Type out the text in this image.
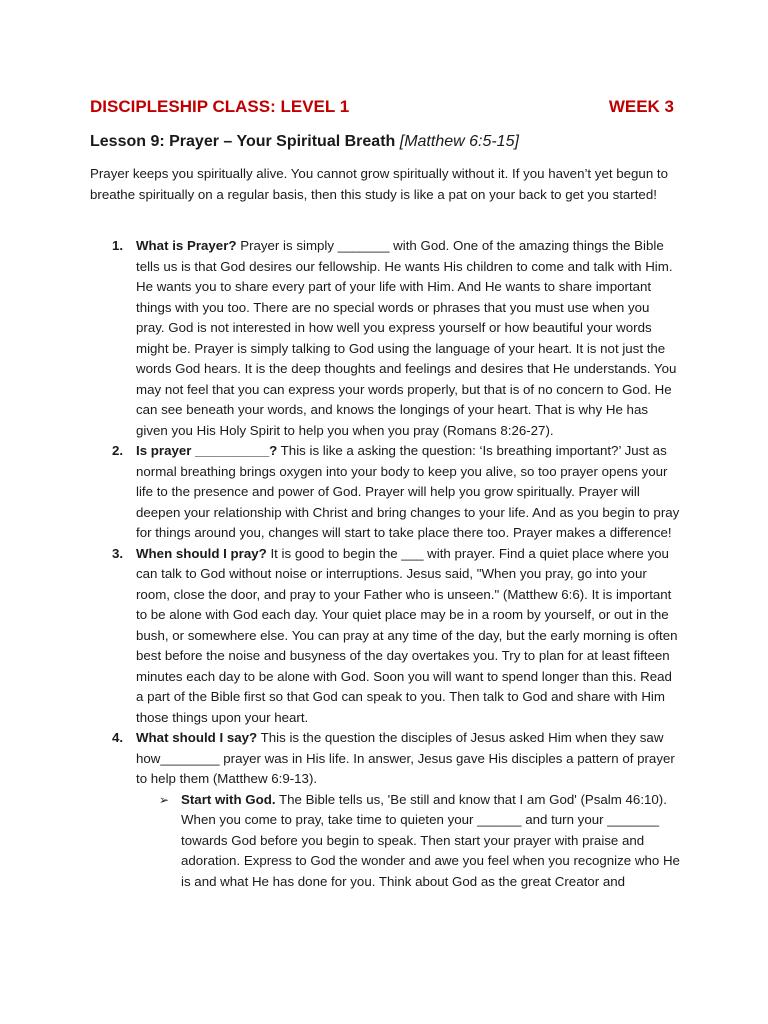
DISCIPLESHIP CLASS: LEVEL 1	WEEK 3
Lesson 9: Prayer – Your Spiritual Breath [Matthew 6:5-15]

Prayer keeps you spiritually alive. You cannot grow spiritually without it. If you haven’t yet begun to breathe spiritually on a regular basis, then this study is like a pat on your back to get you started!

1. What is Prayer? Prayer is simply _______ with God. One of the amazing things the Bible tells us is that God desires our fellowship. He wants His children to come and talk with Him. He wants you to share every part of your life with Him. And He wants to share important things with you too. There are no special words or phrases that you must use when you pray. God is not interested in how well you express yourself or how beautiful your words might be. Prayer is simply talking to God using the language of your heart. It is not just the words God hears. It is the deep thoughts and feelings and desires that He understands. You may not feel that you can express your words properly, but that is of no concern to God. He can see beneath your words, and knows the longings of your heart. That is why He has given you His Holy Spirit to help you when you pray (Romans 8:26-27).
2. Is prayer __________? This is like a asking the question: ‘Is breathing important?’ Just as normal breathing brings oxygen into your body to keep you alive, so too prayer opens your life to the presence and power of God. Prayer will help you grow spiritually. Prayer will deepen your relationship with Christ and bring changes to your life. And as you begin to pray for things around you, changes will start to take place there too. Prayer makes a difference!
3. When should I pray? It is good to begin the ___ with prayer. Find a quiet place where you can talk to God without noise or interruptions. Jesus said, "When you pray, go into your room, close the door, and pray to your Father who is unseen." (Matthew 6:6). It is important to be alone with God each day. Your quiet place may be in a room by yourself, or out in the bush, or somewhere else. You can pray at any time of the day, but the early morning is often best before the noise and busyness of the day overtakes you. Try to plan for at least fifteen minutes each day to be alone with God. Soon you will want to spend longer than this. Read a part of the Bible first so that God can speak to you. Then talk to God and share with Him those things upon your heart.
4. What should I say? This is the question the disciples of Jesus asked Him when they saw how________ prayer was in His life. In answer, Jesus gave His disciples a pattern of prayer to help them (Matthew 6:9-13).
➢ Start with God. The Bible tells us, 'Be still and know that I am God' (Psalm 46:10). When you come to pray, take time to quieten your ______ and turn your _______ towards God before you begin to speak. Then start your prayer with praise and adoration. Express to God the wonder and awe you feel when you recognize who He is and what He has done for you. Think about God as the great Creator and
